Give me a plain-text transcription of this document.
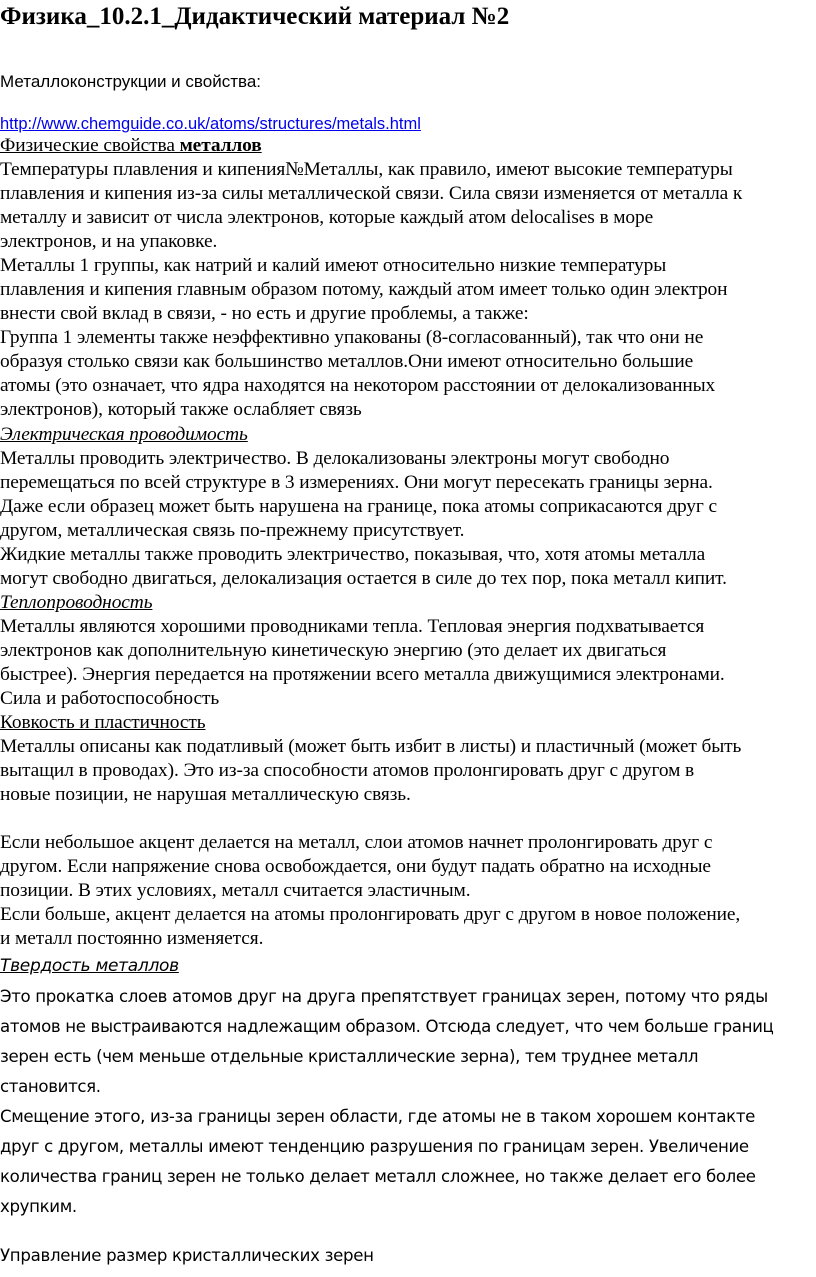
Физика_10.2.1_Дидактический материал №2
Металлоконструкции и свойства:
http://www.chemguide.co.uk/atoms/structures/metals.html

Физические свойства металлов

Температуры плавления и кипения№Металлы, как правило, имеют высокие температуры

плавления и кипения из-за силы металлической связи. Сила связи изменяется от металла к

металлу и зависит от числа электронов, которые каждый атом delocalises в море

электронов, и на упаковке.

Металлы 1 группы, как натрий и калий имеют относительно низкие температуры

плавления и кипения главным образом потому, каждый атом имеет только один электрон

внести свой вклад в связи, - но есть и другие проблемы, а также:

Группа 1 элементы также неэффективно упакованы (8-согласованный), так что они не

образуя столько связи как большинство металлов.Они имеют относительно большие

атомы (это означает, что ядра находятся на некотором расстоянии от делокализованных

электронов), который также ослабляет связь

Электрическая проводимость

Металлы проводить электричество. В делокализованы электроны могут свободно

перемещаться по всей структуре в 3 измерениях. Они могут пересекать границы зерна.

Даже если образец может быть нарушена на границе, пока атомы соприкасаются друг с

другом, металлическая связь по-прежнему присутствует.

Жидкие металлы также проводить электричество, показывая, что, хотя атомы металла

могут свободно двигаться, делокализация остается в силе до тех пор, пока металл кипит.

Теплопроводность

Металлы являются хорошими проводниками тепла. Тепловая энергия подхватывается

электронов как дополнительную кинетическую энергию (это делает их двигаться

быстрее). Энергия передается на протяжении всего металла движущимися электронами.

Сила и работоспособность

Ковкость и пластичность

Металлы описаны как податливый (может быть избит в листы) и пластичный (может быть

вытащил в проводах). Это из-за способности атомов пролонгировать друг с другом в

новые позиции, не нарушая металлическую связь.

Если небольшое акцент делается на металл, слои атомов начнет пролонгировать друг с

другом. Если напряжение снова освобождается, они будут падать обратно на исходные

позиции. В этих условиях, металл считается эластичным.

Если больше, акцент делается на атомы пролонгировать друг с другом в новое положение,

и металл постоянно изменяется.

Твердость металлов

Это прокатка слоев атомов друг на друга препятствует границах зерен, потому что ряды

атомов не выстраиваются надлежащим образом. Отсюда следует, что чем больше границ

зерен есть (чем меньше отдельные кристаллические зерна), тем труднее металл

становится.

Смещение этого, из-за границы зерен области, где атомы не в таком хорошем контакте

друг с другом, металлы имеют тенденцию разрушения по границам зерен. Увеличение

количества границ зерен не только делает металл сложнее, но также делает его более

хрупким.

Управление размер кристаллических зерен
